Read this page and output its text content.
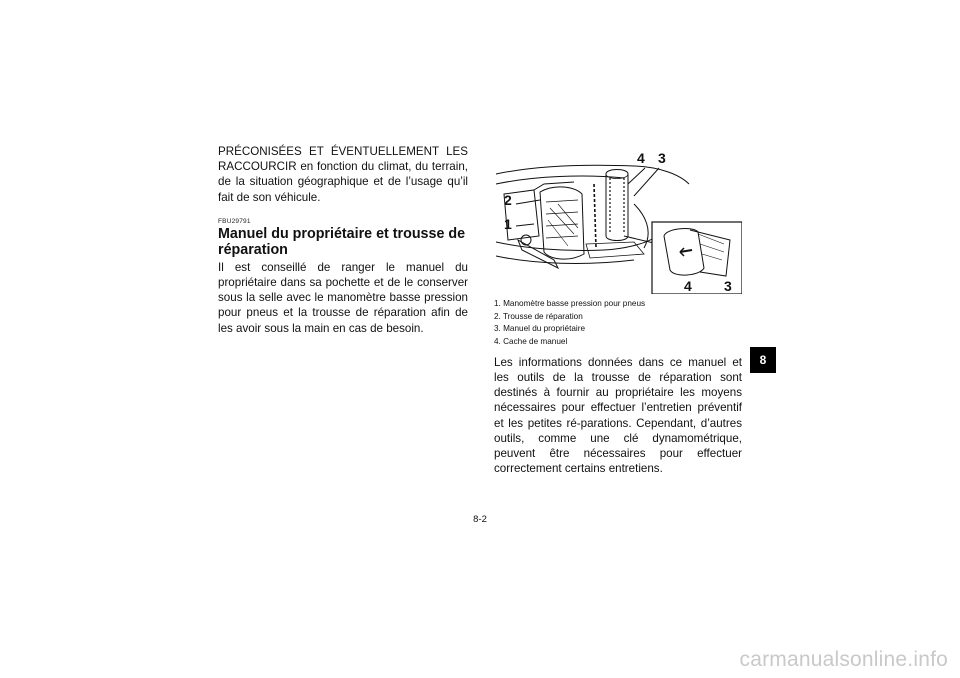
PRÉCONISÉES ET ÉVENTUELLEMENT LES RACCOURCIR en fonction du climat, du terrain, de la situation géographique et de l’usage qu’il fait de son véhicule.

FBU29791
Manuel du propriétaire et trousse de réparation

Il est conseillé de ranger le manuel du propriétaire dans sa pochette et de le conserver sous la selle avec le manomètre basse pression pour pneus et la trousse de réparation afin de les avoir sous la main en cas de besoin.

4 3
2
1
4 3
1. Manomètre basse pression pour pneus
2. Trousse de réparation
3. Manuel du propriétaire
4. Cache de manuel

Les informations données dans ce manuel et les outils de la trousse de réparation sont destinés à fournir au propriétaire les moyens nécessaires pour effectuer l’entretien préventif et les petites ré-parations. Cependant, d’autres outils, comme une clé dynamométrique, peuvent être nécessaires pour effectuer correctement certains entretiens.

8
8-2
carmanualsonline.info
